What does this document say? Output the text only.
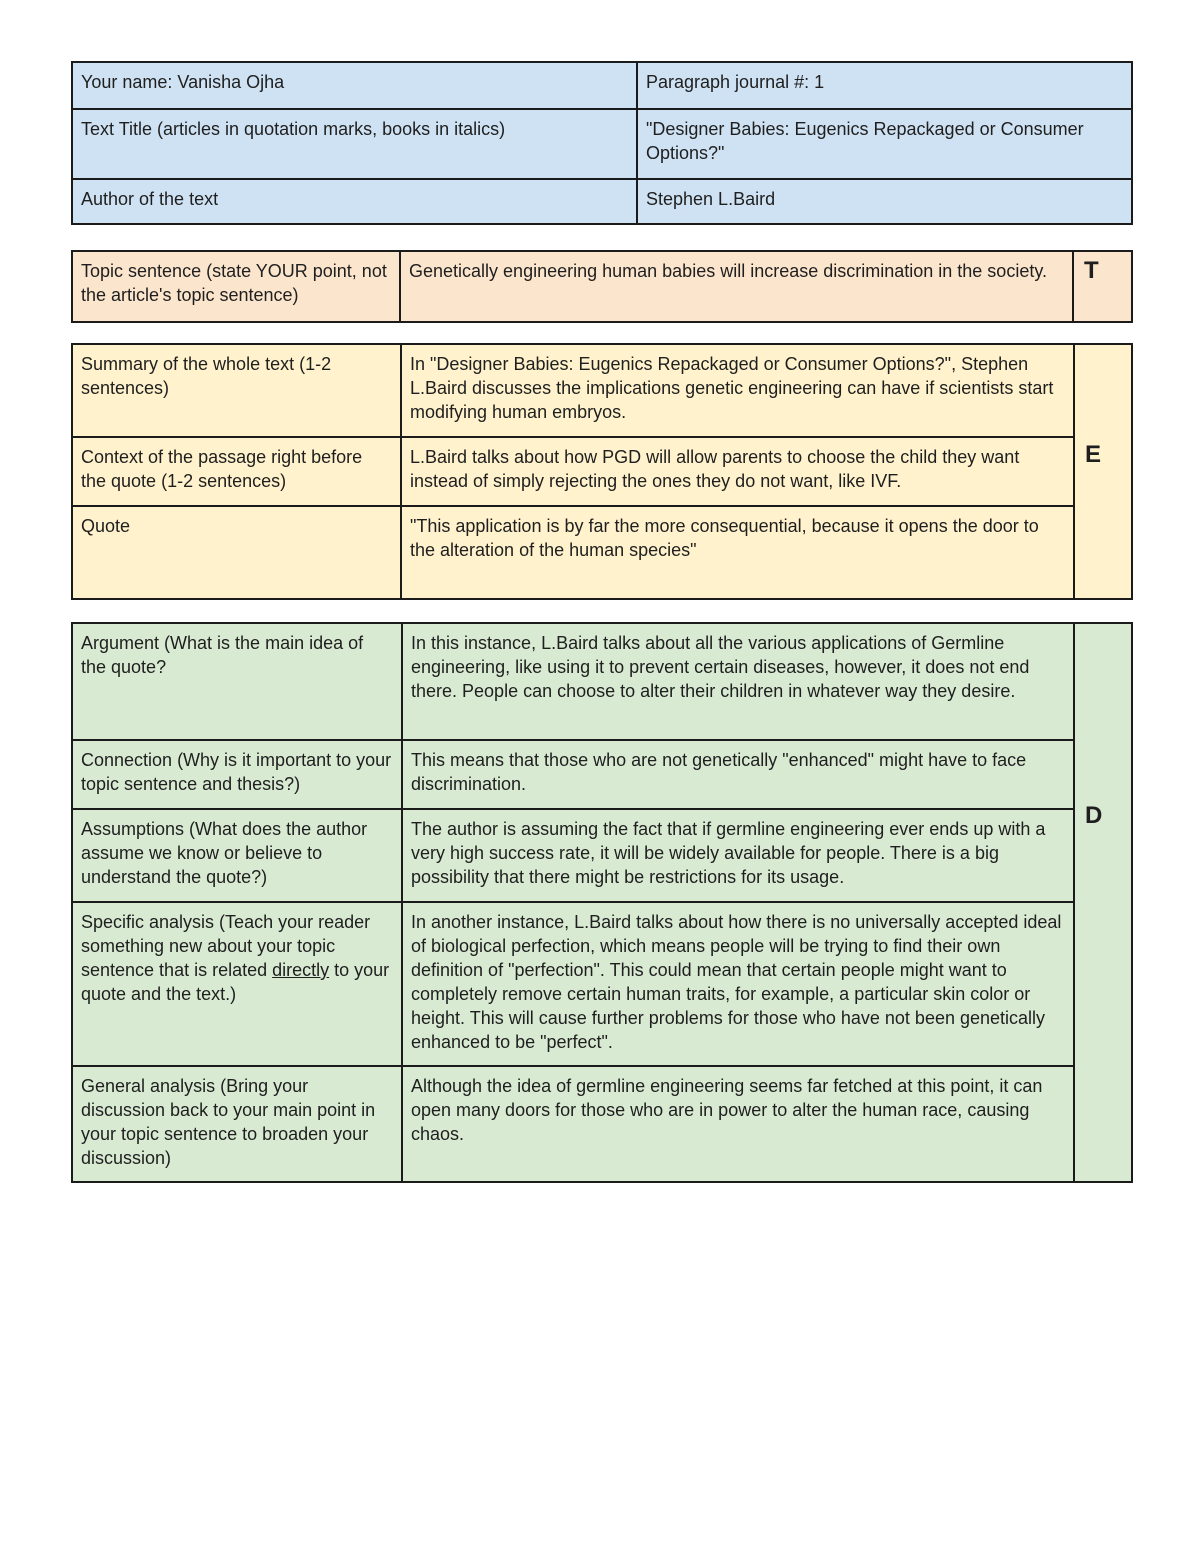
Your name: Vanisha Ojha	Paragraph journal #: 1
Text Title (articles in quotation marks, books in italics)	"Designer Babies: Eugenics Repackaged or Consumer Options?"
Author of the text	Stephen L.Baird
Topic sentence (state YOUR point, not the article's topic sentence)	Genetically engineering human babies will increase discrimination in the society.	T
Summary of the whole text (1-2 sentences)	In "Designer Babies: Eugenics Repackaged or Consumer Options?", Stephen L.Baird discusses the implications genetic engineering can have if scientists start modifying human embryos.	E
Context of the passage right before the quote (1-2 sentences)	L.Baird talks about how PGD will allow parents to choose the child they want instead of simply rejecting the ones they do not want, like IVF.	
Quote	"This application is by far the more consequential, because it opens the door to the alteration of the human species"	
Argument (What is the main idea of the quote?	In this instance, L.Baird talks about all the various applications of Germline engineering, like using it to prevent certain diseases, however, it does not end there. People can choose to alter their children in whatever way they desire.	D
Connection (Why is it important to your topic sentence and thesis?)	This means that those who are not genetically "enhanced" might have to face discrimination.	
Assumptions (What does the author assume we know or believe to understand the quote?)	The author is assuming the fact that if germline engineering ever ends up with a very high success rate, it will be widely available for people. There is a big possibility that there might be restrictions for its usage.	
Specific analysis (Teach your reader something new about your topic sentence that is related directly to your quote and the text.)	In another instance, L.Baird talks about how there is no universally accepted ideal of biological perfection, which means people will be trying to find their own definition of "perfection". This could mean that certain people might want to completely remove certain human traits, for example, a particular skin color or height. This will cause further problems for those who have not been genetically enhanced to be "perfect".	
General analysis (Bring your discussion back to your main point in your topic sentence to broaden your discussion)	Although the idea of germline engineering seems far fetched at this point, it can open many doors for those who are in power to alter the human race, causing chaos.	
